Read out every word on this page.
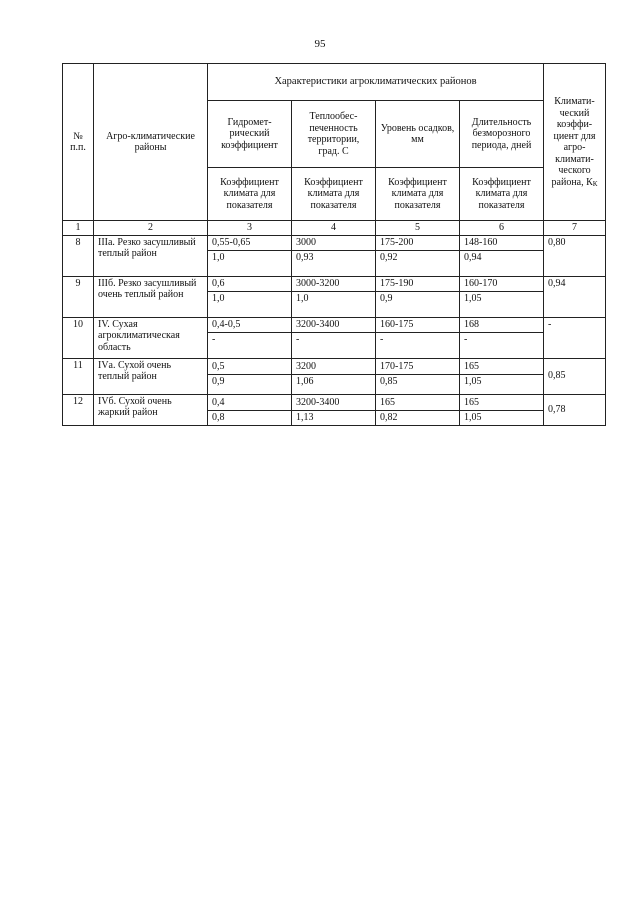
95
№ п.п.	Агро-климатические районы	Характеристики агроклиматических районов				Климати-ческий коэффи-циент для агро-климати-ческого района, $К_К$
		Гидромет-рический коэффициент	Теплообес-печенность территории, град. С	Уровень осадков, мм	Длительность безморозного периода, дней	
		Коэффициент климата для показателя	Коэффициент климата для показателя	Коэффициент климата для показателя	Коэффициент климата для показателя	
1	2	3	4	5	6	7
8	IIIа. Резко засушливый теплый район	0,55-0,65	3000	175-200	148-160	0,80
		1,0	0,93	0,92	0,94	
9	IIIб. Резко засушливый очень теплый район	0,6	3000-3200	175-190	160-170	0,94
		1,0	1,0	0,9	1,05	
10	IV. Сухая агроклиматическая область	0,4-0,5	3200-3400	160-175	168	-
		-	-	-	-	
11	IVа. Сухой очень теплый район	0,5	3200	170-175	165	0,85
		0,9	1,06	0,85	1,05	
12	IVб. Сухой очень жаркий район	0,4	3200-3400	165	165	0,78
		0,8	1,13	0,82	1,05	
